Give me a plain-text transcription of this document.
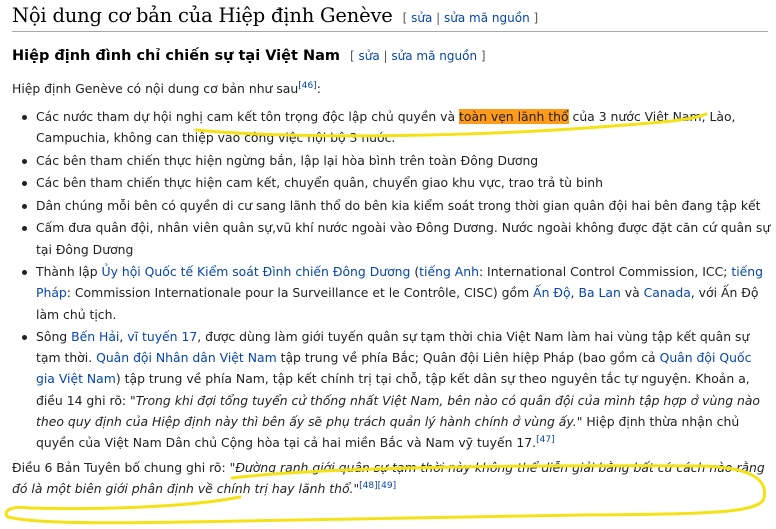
Nội dung cơ bản của Hiệp định Genève [ sửa | sửa mã nguồn ]
Hiệp định đình chỉ chiến sự tại Việt Nam [ sửa | sửa mã nguồn ]

Hiệp định Genève có nội dung cơ bản như sau[46]:

Các nước tham dự hội nghị cam kết tôn trọng độc lập chủ quyền và toàn vẹn lãnh thổ của 3 nước Việt Nam, Lào, Campuchia, không can thiệp vào công việc nội bộ 3 nước.
Các bên tham chiến thực hiện ngừng bắn, lập lại hòa bình trên toàn Đông Dương
Các bên tham chiến thực hiện cam kết, chuyển quân, chuyển giao khu vực, trao trả tù binh
Dân chúng mỗi bên có quyền di cư sang lãnh thổ do bên kia kiểm soát trong thời gian quân đội hai bên đang tập kết
Cấm đưa quân đội, nhân viên quân sự,vũ khí nước ngoài vào Đông Dương. Nước ngoài không được đặt căn cứ quân sự tại Đông Dương
Thành lập Ủy hội Quốc tế Kiểm soát Đình chiến Đông Dương (tiếng Anh: International Control Commission, ICC; tiếng Pháp: Commission Internationale pour la Surveillance et le Contrôle, CISC) gồm Ấn Độ, Ba Lan và Canada, với Ấn Độ làm chủ tịch.
Sông Bến Hải, vĩ tuyến 17, được dùng làm giới tuyến quân sự tạm thời chia Việt Nam làm hai vùng tập kết quân sự tạm thời. Quân đội Nhân dân Việt Nam tập trung về phía Bắc; Quân đội Liên hiệp Pháp (bao gồm cả Quân đội Quốc gia Việt Nam) tập trung về phía Nam, tập kết chính trị tại chỗ, tập kết dân sự theo nguyên tắc tự nguyện. Khoản a, điều 14 ghi rõ: "Trong khi đợi tổng tuyển cử thống nhất Việt Nam, bên nào có quân đội của mình tập hợp ở vùng nào theo quy định của Hiệp định này thì bên ấy sẽ phụ trách quản lý hành chính ở vùng ấy." Hiệp định thừa nhận chủ quyền của Việt Nam Dân chủ Cộng hòa tại cả hai miền Bắc và Nam vỹ tuyến 17.[47]

Điều 6 Bản Tuyên bố chung ghi rõ: "Đường ranh giới quân sự tạm thời này không thể diễn giải bằng bất cứ cách nào rằng đó là một biên giới phân định về chính trị hay lãnh thổ."[48][49]
